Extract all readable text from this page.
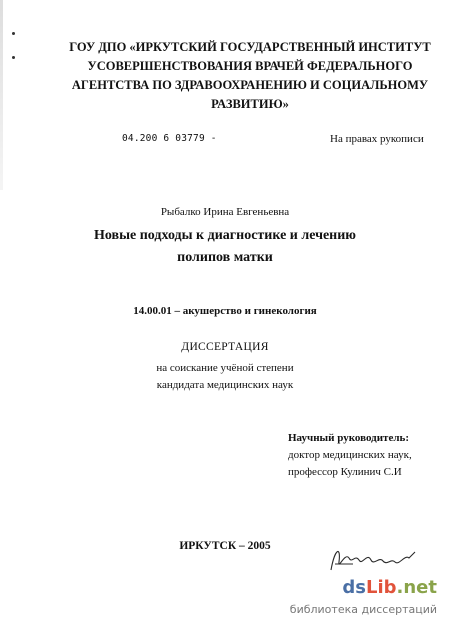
ГОУ ДПО «ИРКУТСКИЙ ГОСУДАРСТВЕННЫЙ ИНСТИТУТ
УСОВЕРШЕНСТВОВАНИЯ ВРАЧЕЙ ФЕДЕРАЛЬНОГО
АГЕНТСТВА ПО ЗДРАВООХРАНЕНИЮ И СОЦИАЛЬНОМУ
РАЗВИТИЮ»
04.200 6 03779 -	На правах рукописи
Рыбалко Ирина Евгеньевна
Новые подходы к диагностике и лечению
полипов матки
14.00.01 – акушерство и гинекология
ДИССЕРТАЦИЯ
на соискание учёной степени
кандидата медицинских наук
Научный руководитель:
доктор медицинских наук,
профессор Кулинич С.И
ИРКУТСК – 2005
dsLib.net
библиотека диссертаций
